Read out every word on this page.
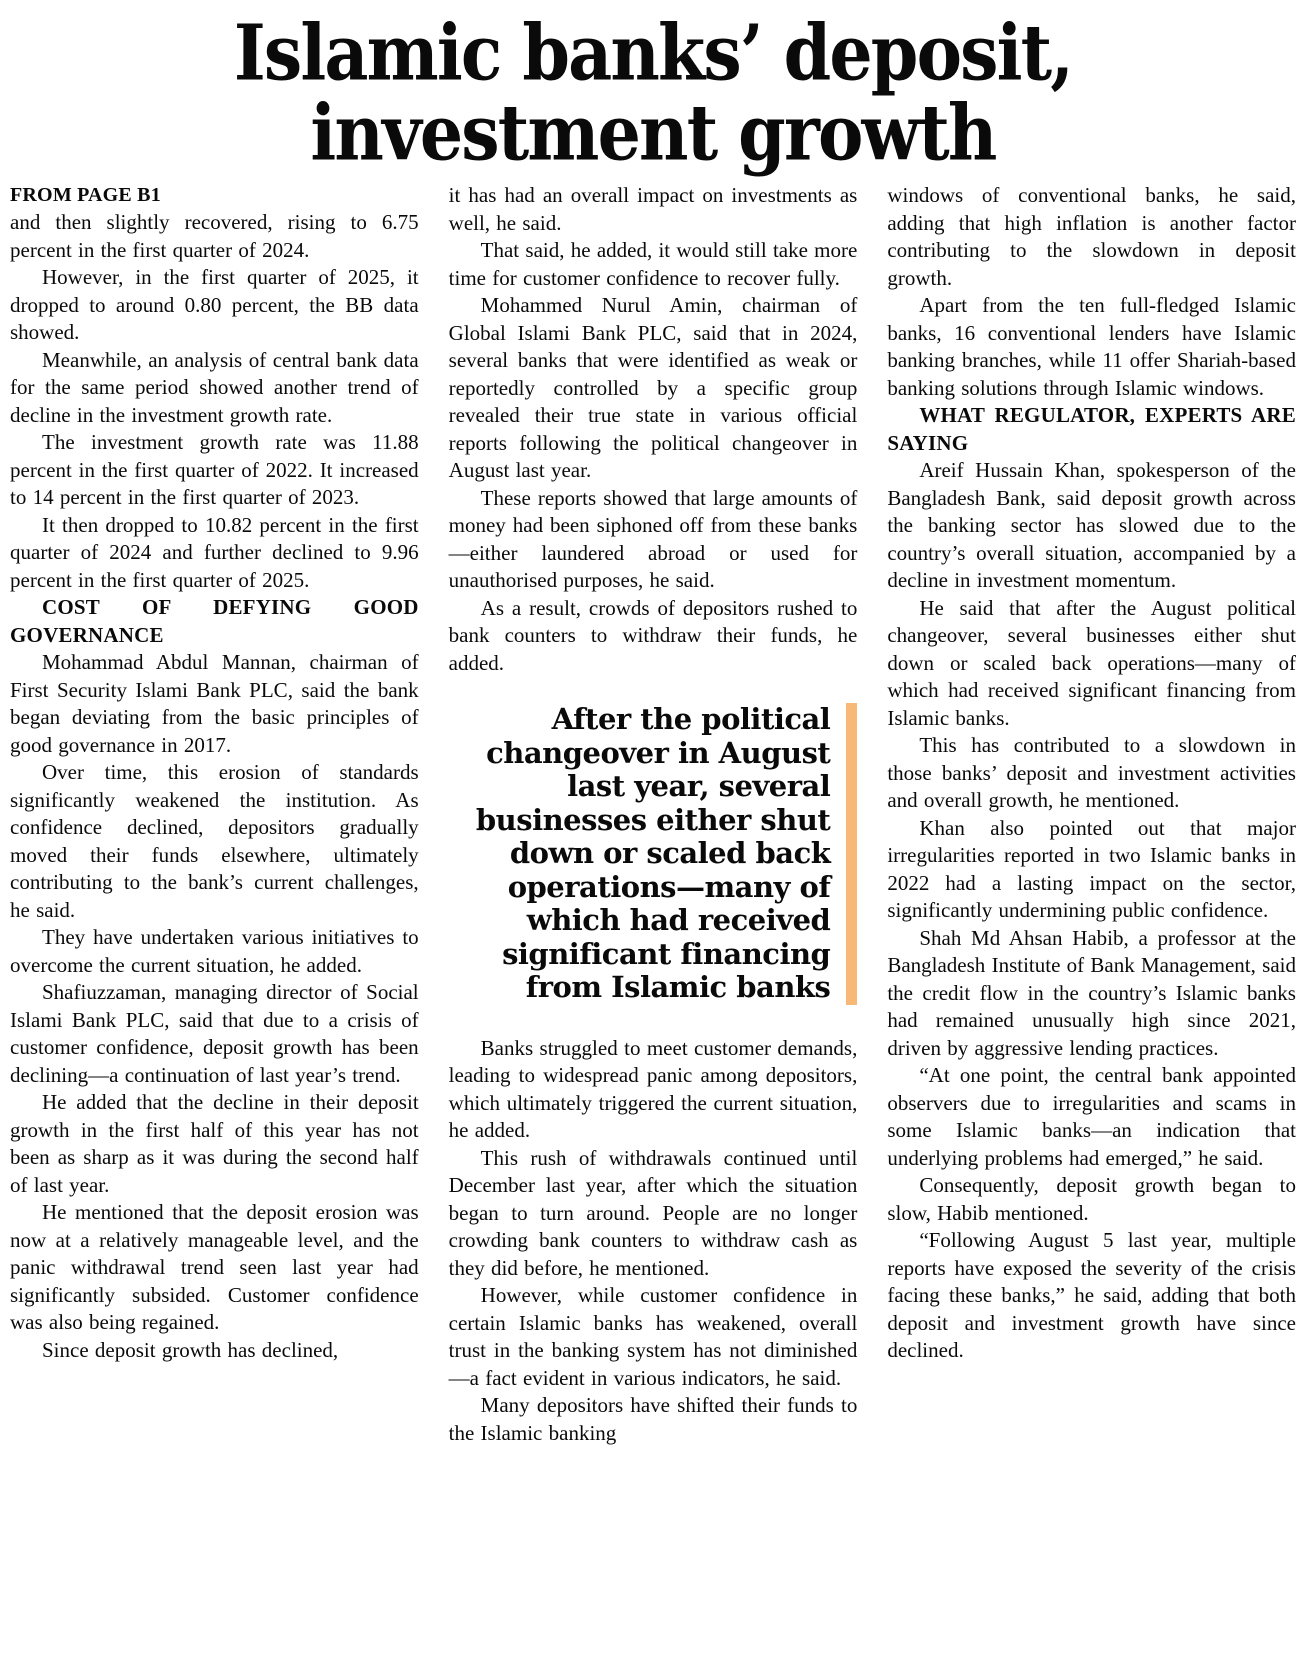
Islamic banks’ deposit,
investment growth

FROM PAGE B1

and then slightly recovered, rising to 6.75 percent in the first quarter of 2024.

However, in the first quarter of 2025, it dropped to around 0.80 percent, the BB data showed.

Meanwhile, an analysis of central bank data for the same period showed another trend of decline in the investment growth rate.

The investment growth rate was 11.88 percent in the first quarter of 2022. It increased to 14 percent in the first quarter of 2023.

It then dropped to 10.82 percent in the first quarter of 2024 and further declined to 9.96 percent in the first quarter of 2025.

COST OF DEFYING GOOD GOVERNANCE

Mohammad Abdul Mannan, chairman of First Security Islami Bank PLC, said the bank began deviating from the basic principles of good governance in 2017.

Over time, this erosion of standards significantly weakened the institution. As confidence declined, depositors gradually moved their funds elsewhere, ultimately contributing to the bank’s current challenges, he said.

They have undertaken various initiatives to overcome the current situation, he added.

Shafiuzzaman, managing director of Social Islami Bank PLC, said that due to a crisis of customer confidence, deposit growth has been declining—a continuation of last year’s trend.

He added that the decline in their deposit growth in the first half of this year has not been as sharp as it was during the second half of last year.

He mentioned that the deposit erosion was now at a relatively manageable level, and the panic withdrawal trend seen last year had significantly subsided. Customer confidence was also being regained.

Since deposit growth has declined,

it has had an overall impact on investments as well, he said.

That said, he added, it would still take more time for customer confidence to recover fully.

Mohammed Nurul Amin, chairman of Global Islami Bank PLC, said that in 2024, several banks that were identified as weak or reportedly controlled by a specific group revealed their true state in various official reports following the political changeover in August last year.

These reports showed that large amounts of money had been siphoned off from these banks—either laundered abroad or used for unauthorised purposes, he said.

As a result, crowds of depositors rushed to bank counters to withdraw their funds, he added.

After the political changeover in August last year, several businesses either shut down or scaled back operations—many of which had received significant financing from Islamic banks

Banks struggled to meet customer demands, leading to widespread panic among depositors, which ultimately triggered the current situation, he added.

This rush of withdrawals continued until December last year, after which the situation began to turn around. People are no longer crowding bank counters to withdraw cash as they did before, he mentioned.

However, while customer confidence in certain Islamic banks has weakened, overall trust in the banking system has not diminished—a fact evident in various indicators, he said.

Many depositors have shifted their funds to the Islamic banking

windows of conventional banks, he said, adding that high inflation is another factor contributing to the slowdown in deposit growth.

Apart from the ten full-fledged Islamic banks, 16 conventional lenders have Islamic banking branches, while 11 offer Shariah-based banking solutions through Islamic windows.

WHAT REGULATOR, EXPERTS ARE SAYING

Areif Hussain Khan, spokesperson of the Bangladesh Bank, said deposit growth across the banking sector has slowed due to the country’s overall situation, accompanied by a decline in investment momentum.

He said that after the August political changeover, several businesses either shut down or scaled back operations—many of which had received significant financing from Islamic banks.

This has contributed to a slowdown in those banks’ deposit and investment activities and overall growth, he mentioned.

Khan also pointed out that major irregularities reported in two Islamic banks in 2022 had a lasting impact on the sector, significantly undermining public confidence.

Shah Md Ahsan Habib, a professor at the Bangladesh Institute of Bank Management, said the credit flow in the country’s Islamic banks had remained unusually high since 2021, driven by aggressive lending practices.

“At one point, the central bank appointed observers due to irregularities and scams in some Islamic banks—an indication that underlying problems had emerged,” he said.

Consequently, deposit growth began to slow, Habib mentioned.

“Following August 5 last year, multiple reports have exposed the severity of the crisis facing these banks,” he said, adding that both deposit and investment growth have since declined.
